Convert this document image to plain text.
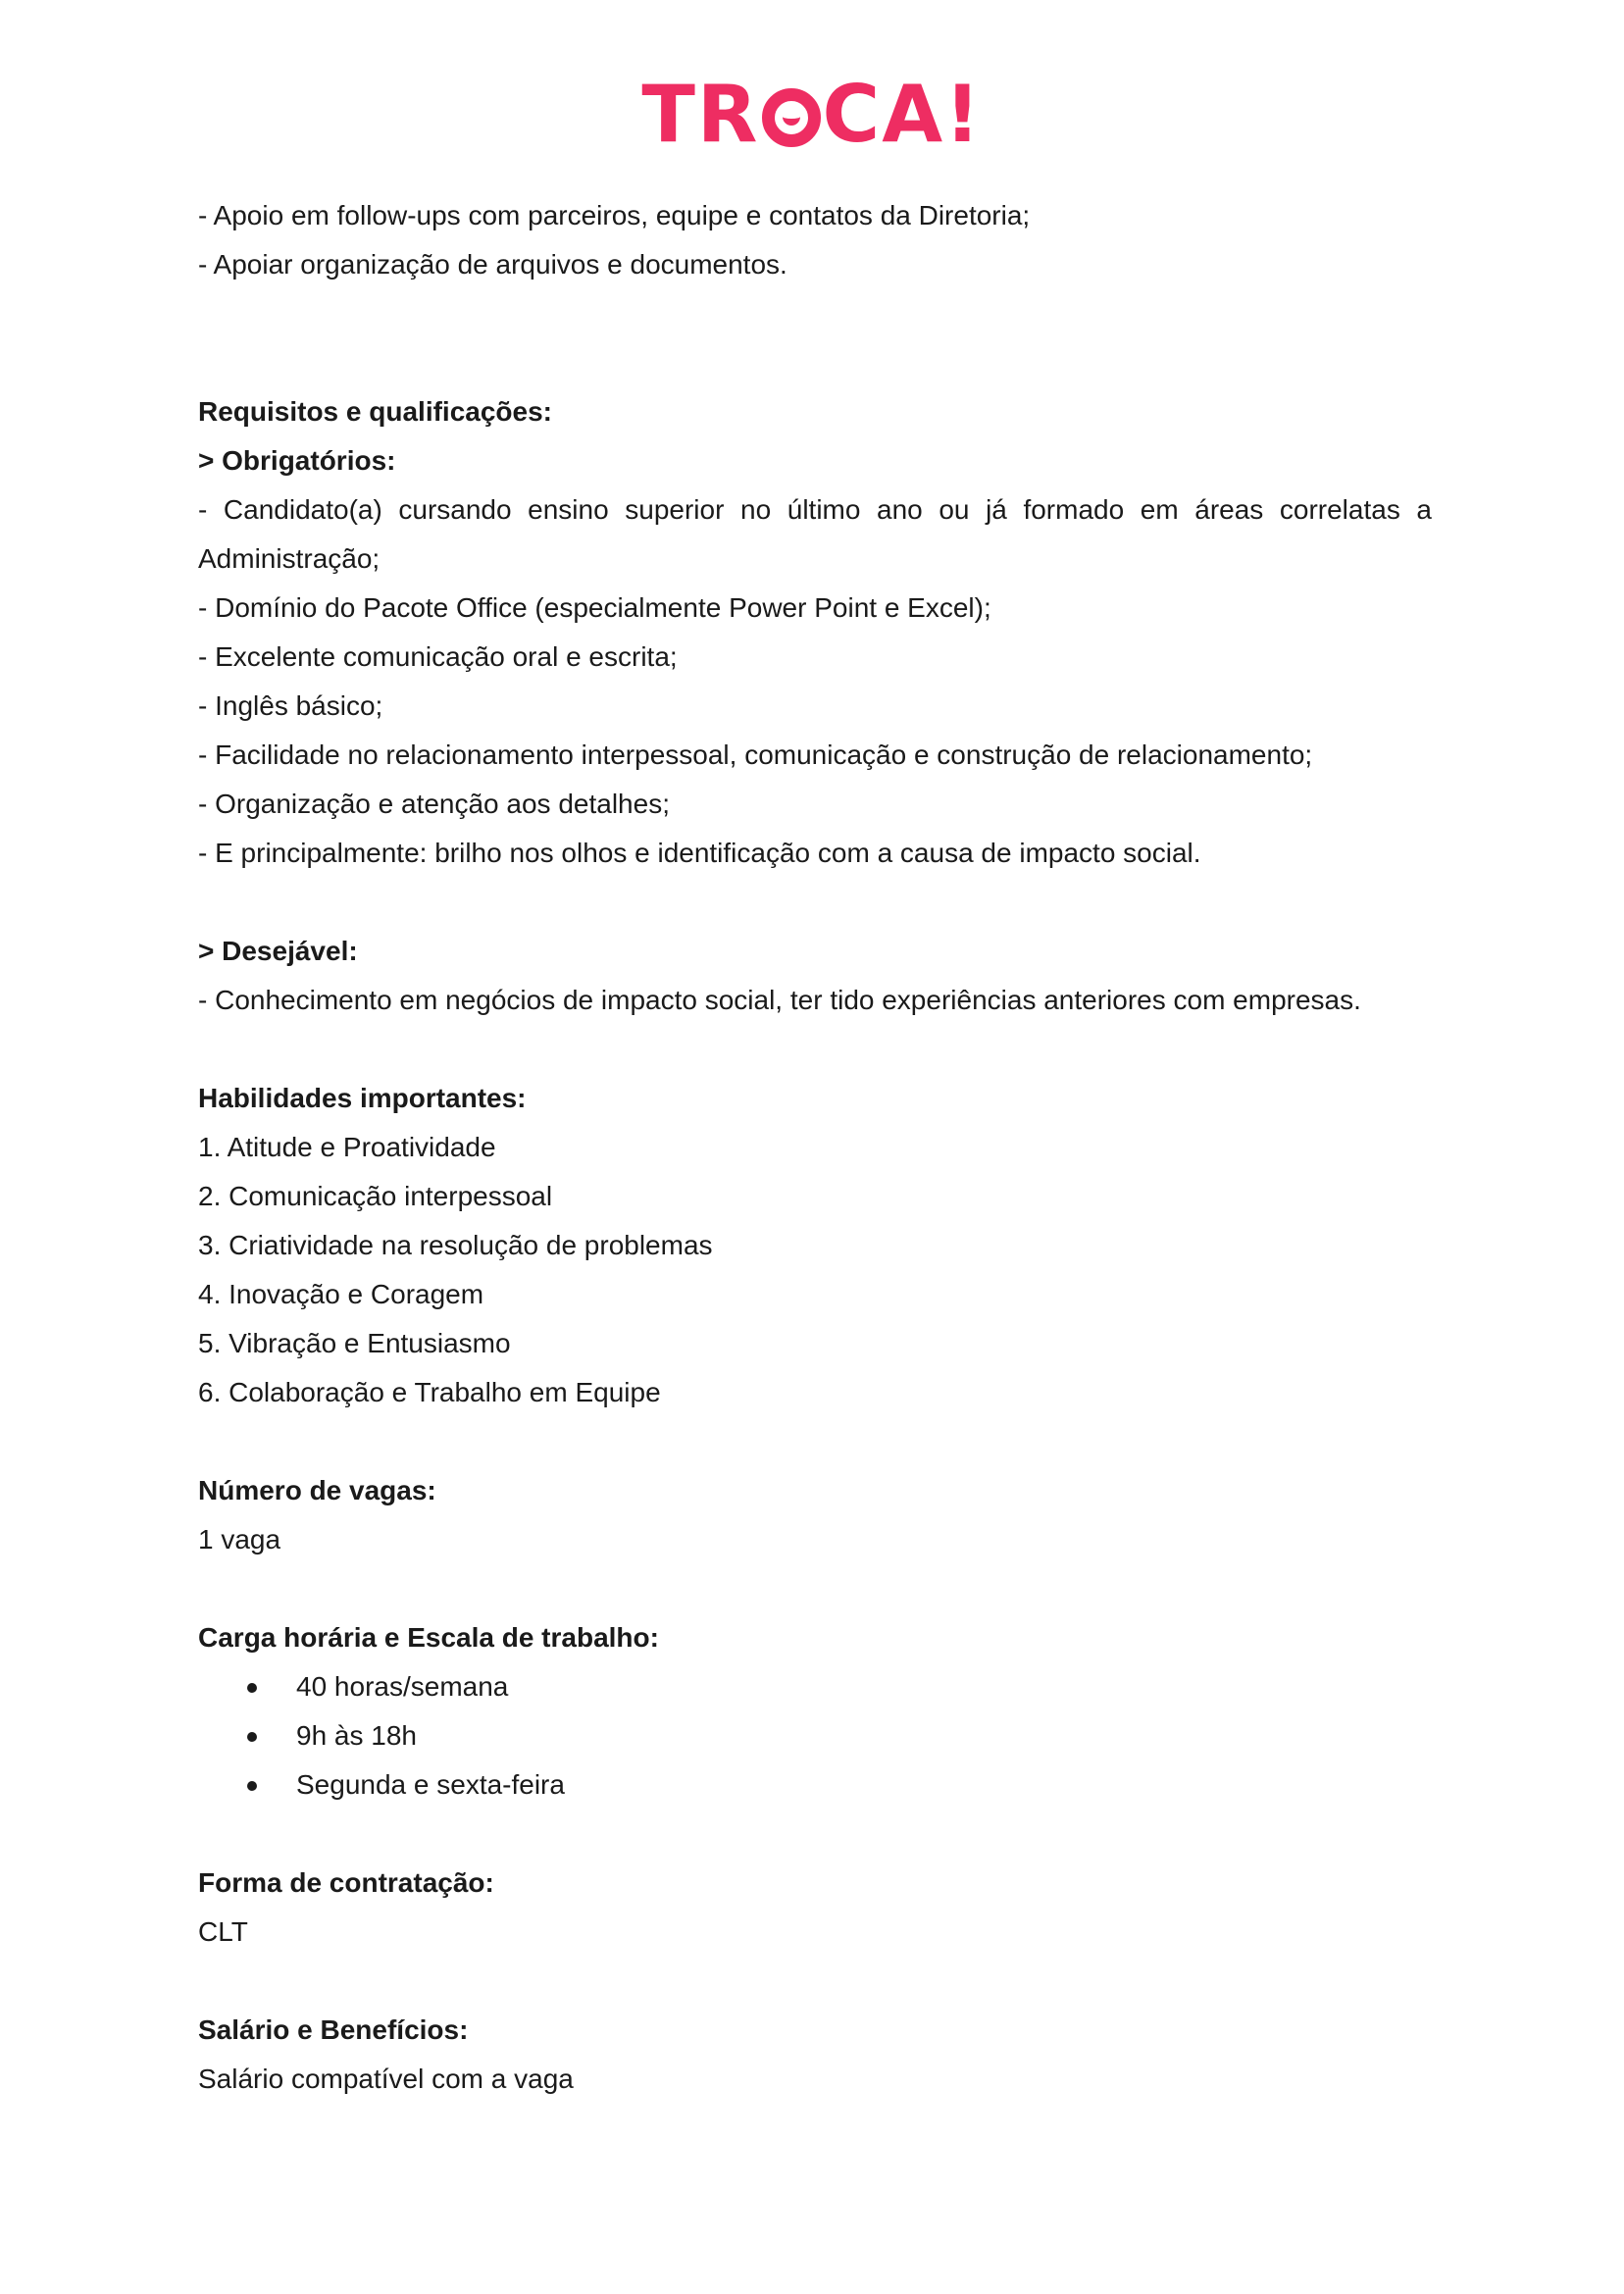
TR CA!

- Apoio em follow-ups com parceiros, equipe e contatos da Diretoria;

- Apoiar organização de arquivos e documentos.

Requisitos e qualificações:

> Obrigatórios:

- Candidato(a) cursando ensino superior no último ano ou já formado em áreas correlatas a

Administração;

- Domínio do Pacote Office (especialmente Power Point e Excel);

- Excelente comunicação oral e escrita;

- Inglês básico;

- Facilidade no relacionamento interpessoal, comunicação e construção de relacionamento;

- Organização e atenção aos detalhes;

- E principalmente: brilho nos olhos e identificação com a causa de impacto social.

> Desejável:

- Conhecimento em negócios de impacto social, ter tido experiências anteriores com empresas.

Habilidades importantes:

1. Atitude e Proatividade

2. Comunicação interpessoal

3. Criatividade na resolução de problemas

4. Inovação e Coragem

5. Vibração e Entusiasmo

6. Colaboração e Trabalho em Equipe

Número de vagas:

1 vaga

Carga horária e Escala de trabalho:

40 horas/semana
9h às 18h
Segunda e sexta-feira

Forma de contratação:

CLT

Salário e Benefícios:

Salário compatível com a vaga
